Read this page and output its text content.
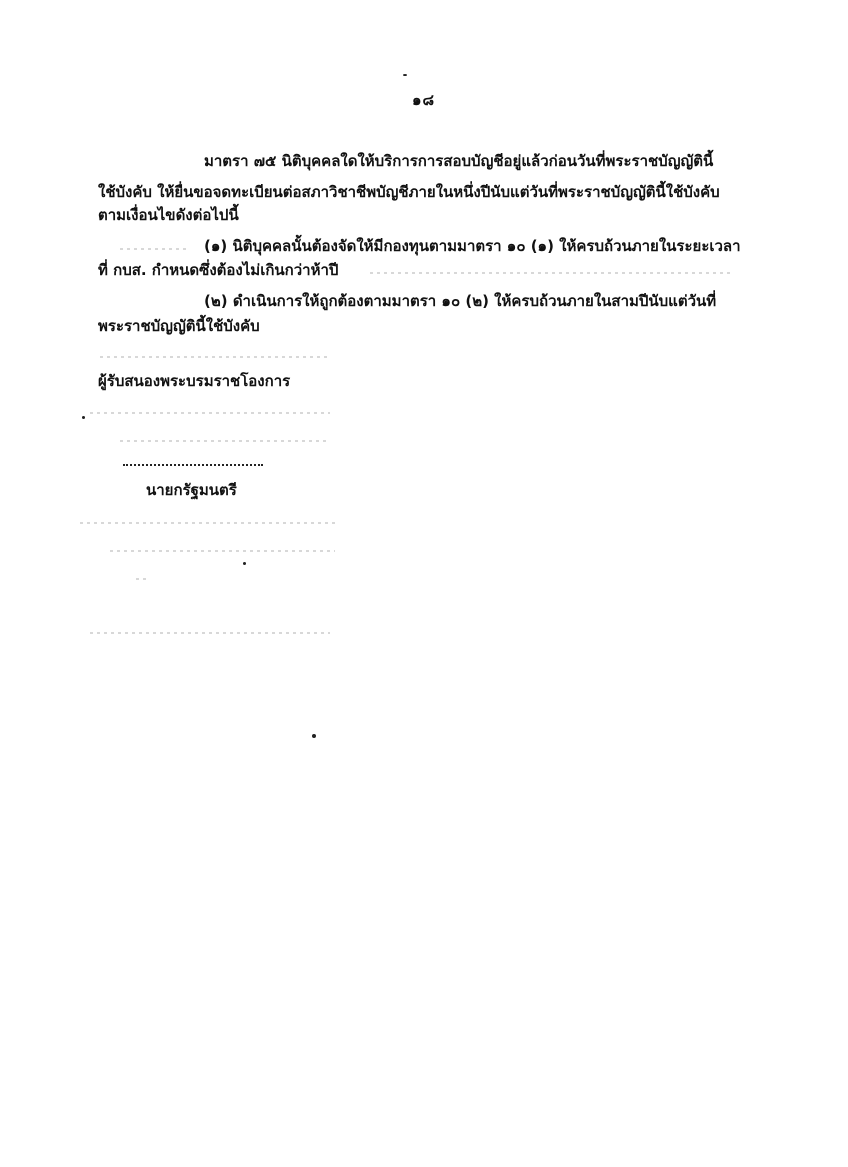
๑๘
มาตรา ๗๕ นิติบุคคลใดให้บริการการสอบบัญชีอยู่แล้วก่อนวันที่พระราชบัญญัตินี้
ใช้บังคับ ให้ยื่นขอจดทะเบียนต่อสภาวิชาชีพบัญชีภายในหนึ่งปีนับแต่วันที่พระราชบัญญัตินี้ใช้บังคับ
ตามเงื่อนไขดังต่อไปนี้
(๑) นิติบุคคลนั้นต้องจัดให้มีกองทุนตามมาตรา ๑๐ (๑) ให้ครบถ้วนภายในระยะเวลา
ที่ กบส. กำหนดซึ่งต้องไม่เกินกว่าห้าปี
(๒) ดำเนินการให้ถูกต้องตามมาตรา ๑๐ (๒) ให้ครบถ้วนภายในสามปีนับแต่วันที่
พระราชบัญญัตินี้ใช้บังคับ
ผู้รับสนองพระบรมราชโองการ
นายกรัฐมนตรี
